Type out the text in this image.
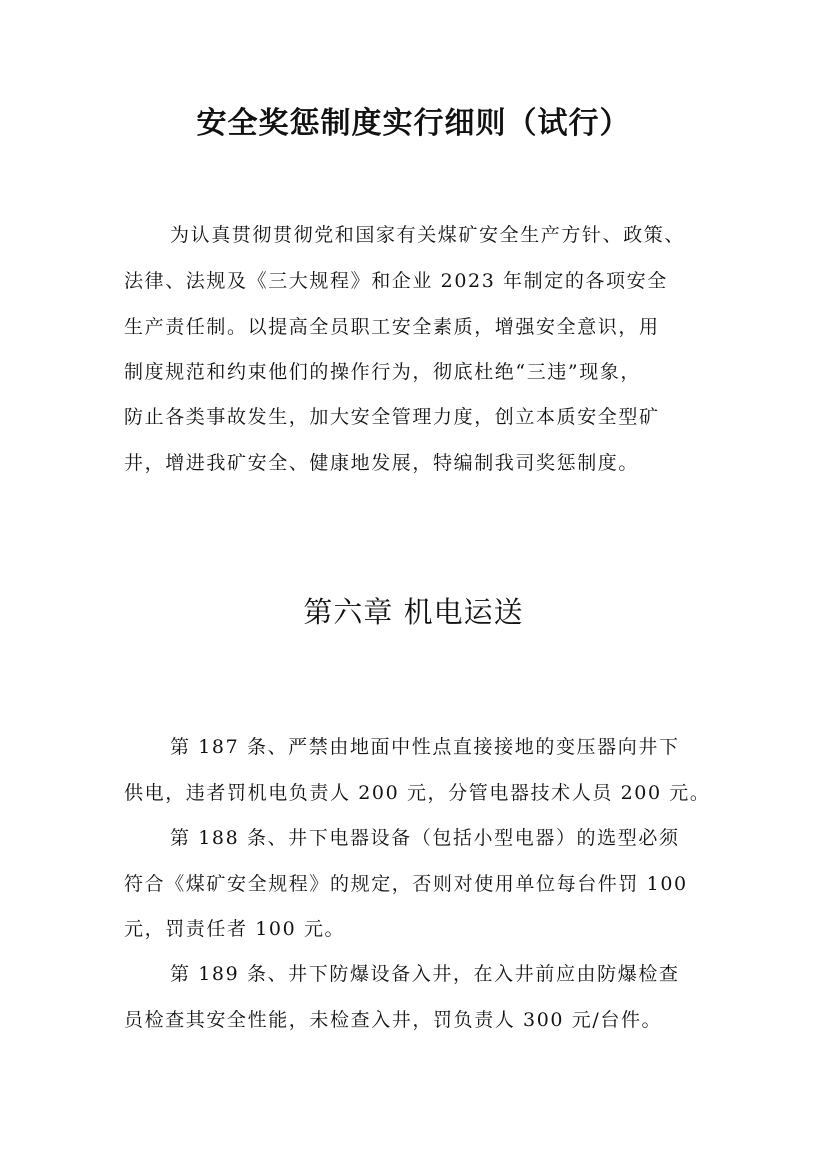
安全奖惩制度实行细则（试行）
为认真贯彻贯彻党和国家有关煤矿安全生产方针、政策、
法律、法规及《三大规程》和企业 2023 年制定的各项安全
生产责任制。以提高全员职工安全素质，增强安全意识，用
制度规范和约束他们的操作行为，彻底杜绝“三违”现象，
防止各类事故发生，加大安全管理力度，创立本质安全型矿
井，增进我矿安全、健康地发展，特编制我司奖惩制度。
第六章 机电运送
第 187 条、严禁由地面中性点直接接地的变压器向井下
供电，违者罚机电负责人 200 元，分管电器技术人员 200 元。
第 188 条、井下电器设备（包括小型电器）的选型必须
符合《煤矿安全规程》的规定，否则对使用单位每台件罚 100
元，罚责任者 100 元。
第 189 条、井下防爆设备入井，在入井前应由防爆检查
员检查其安全性能，未检查入井，罚负责人 300 元/台件。
